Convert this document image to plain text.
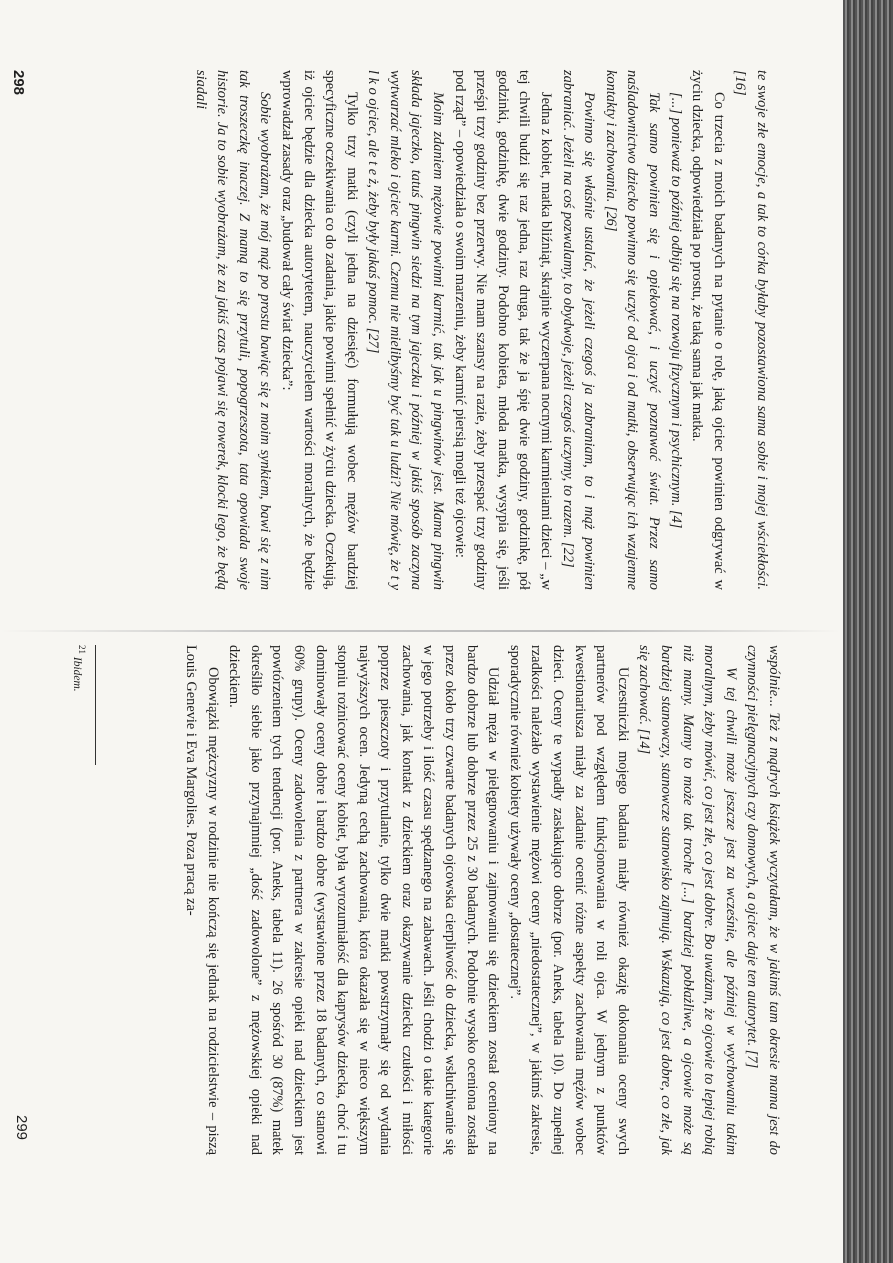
te swoje złe emocje, a tak to córka byłaby pozostawiona sama sobie i mojej wściekłości. [16]

Co trzecia z moich badanych na pytanie o rolę, jaką ojciec powinien odgrywać w życiu dziecka, odpowiedziała po prostu, że taką sama jak matka.

[...] ponieważ to później odbija się na rozwoju fizycznym i psychicznym. [4]

Tak samo powinien się i opiekować, i uczyć poznawać świat. Przez samo naśladownictwo dziecko powinno się uczyć od ojca i od matki, obserwując ich wzajemne kontakty i zachowania. [26]

Powinno się właśnie ustalać, że jeżeli czegoś ja zabraniam, to i mąż powinien zabraniać. Jeżeli na coś pozwalamy, to obydwoje, jeżeli czegoś uczymy, to razem. [22]

Jedna z kobiet, matka bliźniąt, skrajnie wyczerpana nocnymi karmieniami dzieci – „w tej chwili budzi się raz jedna, raz druga, tak że ja śpię dwie godziny, godzinkę, pół godzinki, godzinkę, dwie godziny. Podobno kobieta, młoda matka, wysypia się, jeśli prześpi trzy godziny bez przerwy. Nie mam szansy na razie, żeby przespać trzy godziny pod rząd” – opowiedziała o swoim marzeniu, żeby karmić piersią mogli też ojcowie:

Moim zdaniem mężowie powinni karmić, tak jak u pingwinów jest. Mama pingwin składa jajeczko, tatuś pingwin siedzi na tym jajeczku i później w jakiś sposób zaczyna wytwarzać mleko i ojciec karmi. Czemu nie mielibyśmy być tak u ludzi? Nie mówię, że t y l k o ojciec, ale t e ż, żeby były jakaś pomoc. [27]

Tylko trzy matki (czyli jedna na dziesięć) formułują wobec mężów bardziej specyficzne oczekiwania co do zadania, jakie powinni spełnić w życiu dziecka. Oczekują, iż ojciec będzie dla dziecka autorytetem, nauczycielem wartości moralnych, że będzie wprowadzał zasady oraz „budował cały świat dziecka”:

Sobie wyobrażam, że mój mąż po prostu bawiąc się z moim synkiem, bawi się z nim tak troszeczkę inaczej. Z mamą to się przytuli, popogrzeszota, tata opowiada swoje historie. Ja to sobie wyobrażam, że za jakiś czas pojawi się rowerek, klocki lego, że będą siadali

298

wspólnie... Też z mądrych książek wyczytałam, że w jakimś tam okresie mama jest do czynności pielęgnacyjnych czy domowych, a ojciec daje ten autorytet. [7]

W tej chwili może jeszcze jest za wcześnie, ale później w wychowaniu takim moralnym, żeby mówić, co jest złe, co jest dobre. Bo uważam, że ojcowie to lepiej robią niż mamy. Mamy to może tak troche [...] bardziej pobłażliwe, a ojcowie może są bardziej stanowczy, stanowcze stanowisko zajmują. Wskazują, co jest dobre, co złe, jak się zachować. [14]

Uczestniczki mojego badania miały również okazję dokonania oceny swych partnerów pod względem funkcjonowania w roli ojca. W jednym z punktów kwestionariusza miały za zadanie ocenić różne aspekty zachowania mężów wobec dzieci. Oceny te wypadły zaskakująco dobrze (por. Aneks, tabela 10). Do zupełnej rzadkości należało wystawienie mężowi oceny „niedostatecznej”, w jakimś zakresie, sporadycznie również kobiety używały oceny „dostatecznej”.

Udział męża w pielęgnowaniu i zajmowaniu się dzieckiem został oceniony na bardzo dobrze lub dobrze przez 25 z 30 badanych. Podobnie wysoko oceniona została przez około trzy czwarte badanych ojcowska cierpliwość do dziecka, wsłuchiwanie się w jego potrzeby i ilość czasu spędzanego na zabawach. Jeśli chodzi o takie kategorie zachowania, jak kontakt z dzieckiem oraz okazywanie dziecku czułości i miłości poprzez pieszczoty i przytulanie, tylko dwie matki powstrzymały się od wydania najwyższych ocen. Jedyną cechą zachowania, która okazała się w nieco większym stopniu rożnicować oceny kobiet, była wyrozumiałość dla kaprysów dziecka, choć i tu dominowały oceny dobre i bardzo dobre (wystawione przez 18 badanych, co stanowi 60% grupy). Oceny zadowolenia z partnera w zakresie opieki nad dzieckiem jest powtórzeniem tych tendencji (por. Aneks, tabela 11). 26 spośród 30 (87%) matek określiło siebie jako przynajmniej „dość zadowolone” z mężowskiej opieki nad dzieckiem.

Obowiązki mężczyzny w rodzinie nie kończą się jednak na rodzicielstwie – piszą Louis Genevie i Eva Margolies. Poza pracą za-

$^{21}$ Ibidem.
299
